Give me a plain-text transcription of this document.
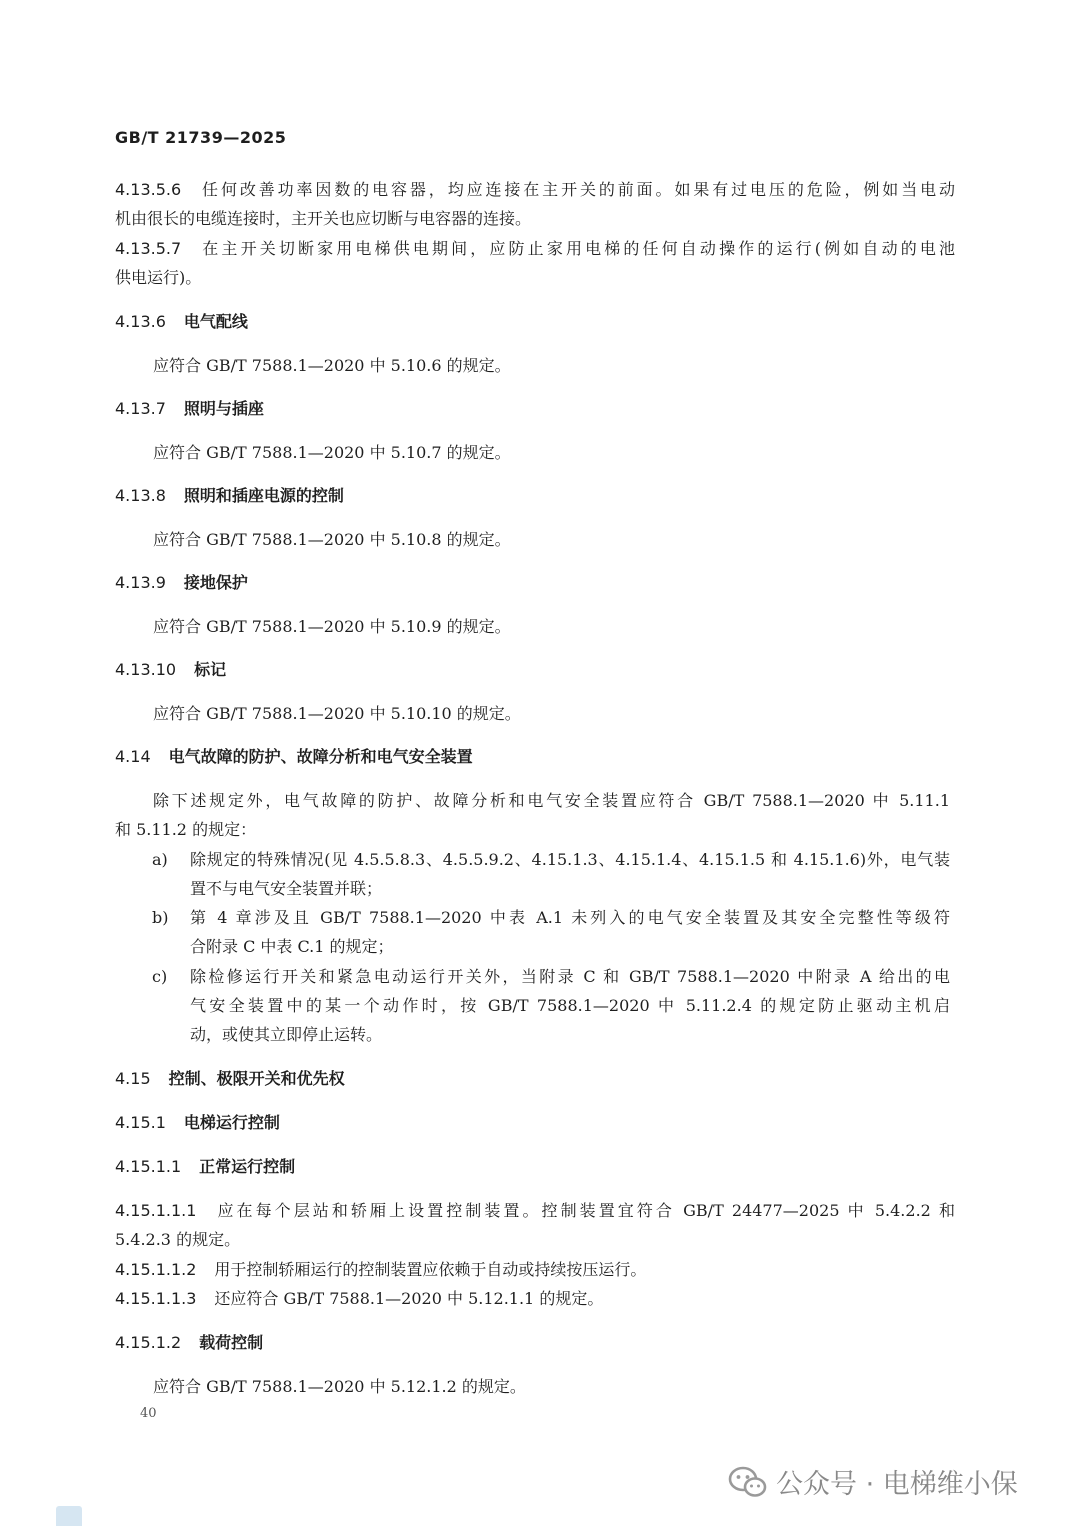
GB/T 21739—2025
4.13.5.6 任何改善功率因数的电容器，均应连接在主开关的前面。如果有过电压的危险，例如当电动
机由很长的电缆连接时，主开关也应切断与电容器的连接。
4.13.5.7 在主开关切断家用电梯供电期间，应防止家用电梯的任何自动操作的运行(例如自动的电池
供电运行)。
4.13.6 电气配线
应符合 GB/T 7588.1—2020 中 5.10.6 的规定。
4.13.7 照明与插座
应符合 GB/T 7588.1—2020 中 5.10.7 的规定。
4.13.8 照明和插座电源的控制
应符合 GB/T 7588.1—2020 中 5.10.8 的规定。
4.13.9 接地保护
应符合 GB/T 7588.1—2020 中 5.10.9 的规定。
4.13.10 标记
应符合 GB/T 7588.1—2020 中 5.10.10 的规定。
4.14 电气故障的防护、故障分析和电气安全装置
除下述规定外，电气故障的防护、故障分析和电气安全装置应符合 GB/T 7588.1—2020 中 5.11.1
和 5.11.2 的规定：
a) 除规定的特殊情况(见 4.5.5.8.3、4.5.5.9.2、4.15.1.3、4.15.1.4、4.15.1.5 和 4.15.1.6)外，电气装
置不与电气安全装置并联；
b) 第 4 章涉及且 GB/T 7588.1—2020 中表 A.1 未列入的电气安全装置及其安全完整性等级符
合附录 C 中表 C.1 的规定；
c) 除检修运行开关和紧急电动运行开关外，当附录 C 和 GB/T 7588.1—2020 中附录 A 给出的电
气安全装置中的某一个动作时，按 GB/T 7588.1—2020 中 5.11.2.4 的规定防止驱动主机启
动，或使其立即停止运转。
4.15 控制、极限开关和优先权
4.15.1 电梯运行控制
4.15.1.1 正常运行控制
4.15.1.1.1 应在每个层站和轿厢上设置控制装置。控制装置宜符合 GB/T 24477—2025 中 5.4.2.2 和
5.4.2.3 的规定。
4.15.1.1.2 用于控制轿厢运行的控制装置应依赖于自动或持续按压运行。
4.15.1.1.3 还应符合 GB/T 7588.1—2020 中 5.12.1.1 的规定。
4.15.1.2 载荷控制
应符合 GB/T 7588.1—2020 中 5.12.1.2 的规定。
40
公众号 · 电梯维小保
